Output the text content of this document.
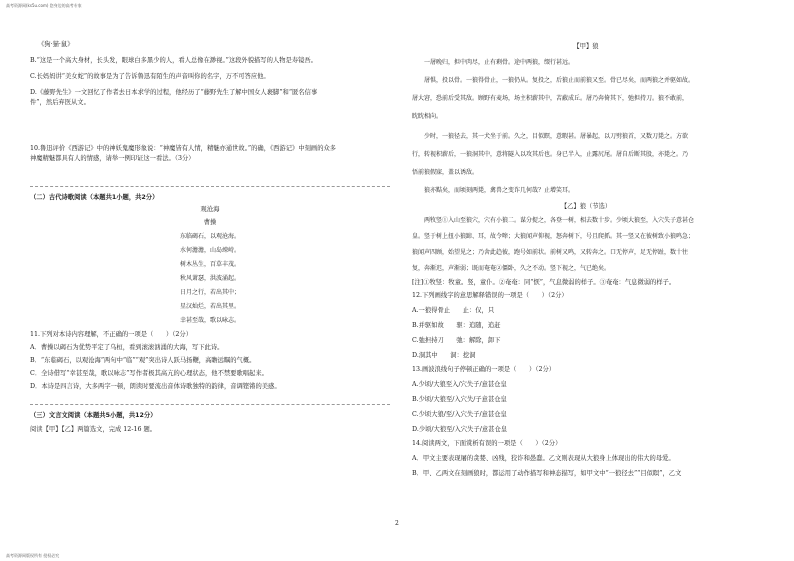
高考资源网(ks5u.com) 您身边的高考专家

《狗·猫·鼠》

B.“这是一个高大身材，长头发，眼球白多黑少的人，看人总像在渺视。”这段外貌描写的人物是寿镜吾。

C.长妈妈讲“美女蛇”的故事是为了告诉鲁迅有陌生的声音叫你的名字，万不可答应他。

D.《藤野先生》一文回忆了作者去日本求学的过程，他经历了“藤野先生了解中国女人裹脚”和“匿名信事

件”，然后弃医从文。

10.鲁迅评价《西游记》中的神妖鬼魔形象说：“神魔皆有人情，精魅亦通世故。”的确，《西游记》中刻画的众多

神魔精魅都具有人的情感，请举一例印证这一看法。（3分）

（二）古代诗歌阅读（本题共1小题，共2分）

观沧海

曹操

东临碣石，以观沧海。

水何澹澹，山岛竦峙。

树木丛生，百草丰茂。

秋风萧瑟，洪波涌起。

日月之行，若出其中；

星汉灿烂，若出其里。

幸甚至哉，歌以咏志。

11.下列对本诗内容理解，不正确的一项是（　　）（2分）

A．曹操以碣石为优势平定了乌桓，看到滚滚汹涌的大海，写下此诗。

B．“东临碣石，以观沧海”两句中“临”“观”突出诗人跃马扬鞭，高瞻远瞩的气概。

C．全诗借写“幸甚至哉，歌以咏志”写作者极其高亢的心理状态，他不禁要歌唱起来。

D．本诗是四言诗，大多两字一顿，朗读时要流出音体诗歌独特的韵律，音调铿锵的美感。

（三）文言文阅读（本题共5小题，共12分）

阅读【甲】【乙】两篇选文，完成 12-16 题。

【甲】狼

一屠晚归，担中肉尽，止有剩骨。途中两狼，缀行甚远。

屠惧，投以骨。一狼得骨止，一狼仍从。复投之，后狼止而前狼又至。骨已尽矣，而两狼之并驱如故。

屠大窘，恐前后受其敌。顾野有麦场，场主积薪其中，苫蔽成丘。屠乃奔倚其下，弛担持刀。狼不敢前，

眈眈相向。

少时，一狼径去，其一犬坐于前。久之，目似瞑，意暇甚。屠暴起，以刀劈狼首，又数刀毙之。方欲

行，转视积薪后，一狼洞其中，意将隧入以攻其后也。身已半入，止露尻尾。屠自后断其股，亦毙之。乃

悟前狼假寐，盖以诱敌。

狼亦黠矣，而顷刻两毙，禽兽之变诈几何哉？止增笑耳。

【乙】狼（节选）

两牧竖①入山至狼穴，穴有小狼二。谋分捉之，各登一树，相去数十步。少顷大狼至，入穴失子意甚仓

皇。竖于树上扭小狼蹄、耳，故令嗥；大狼闻声仰视，怒奔树下，号且爬抓。其一竖又在彼树致小狼鸣急；

狼闻声四顾，始望见之；乃舍此趋彼，跑号如前状。前树又鸣，又转奔之。口无停声，足无停趾，数十往

复，奔渐迟，声渐弱；既而奄奄②僵卧，久之不动。竖下视之，气已绝矣。

[注]①牧竖：牧童。竖，童仆。②奄奄：同“恹”，气息微弱的样子。③奄奄：气息微弱的样子。

12.下列画线字的意思解释错误的一项是（　　）（2分）

A.一狼得骨止　　止：仅，只

B.并驱如故　　驱：追随，追赶

C.弛担持刀　　弛：解除，卸下

D.洞其中　　洞：挖洞

13.画波浪线句子停顿正确的一项是（　　）（2分）

A.少顷/大狼至入/穴失子/意甚仓皇

B.少顷/大狼至/入穴失/子意甚仓皇

C.少顷大狼/至/入穴失子/意甚仓皇

D.少顷/大狼至/入穴失子/意甚仓皇

14.阅读两文，下面赏析有误的一项是（　　）（2分）

A．甲文主要表现屠的贪婪、凶残，狡诈和愚蠢。乙文则表现从大狼身上体现出的伟大的母爱。

B．甲、乙两文在刻画狼时，都运用了动作描写和神态描写，如甲文中“一狼径去”“目似瞑”，乙文

2
高考资源网版权所有 侵权必究
